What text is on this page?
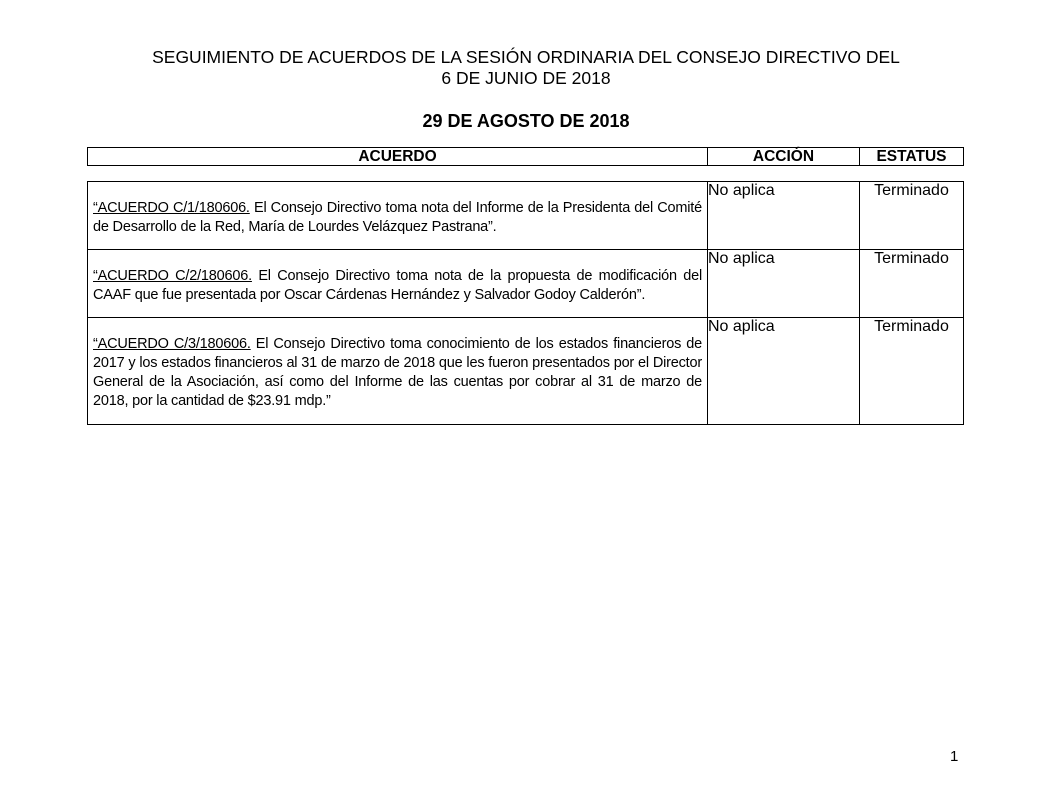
SEGUIMIENTO DE ACUERDOS DE LA SESIÓN ORDINARIA DEL CONSEJO DIRECTIVO DEL
6 DE JUNIO DE 2018
29 DE AGOSTO DE 2018
ACUERDO	ACCIÓN	ESTATUS
“ACUERDO C/1/180606. El Consejo Directivo toma nota del Informe de la Presidenta del Comité de Desarrollo de la Red, María de Lourdes Velázquez Pastrana”.	No aplica	Terminado

“ACUERDO C/2/180606. El Consejo Directivo toma nota de la propuesta de modificación del CAAF que fue presentada por Oscar Cárdenas Hernández y Salvador Godoy Calderón”.	No aplica	Terminado

“ACUERDO C/3/180606. El Consejo Directivo toma conocimiento de los estados financieros de 2017 y los estados financieros al 31 de marzo de 2018 que les fueron presentados por el Director General de la Asociación, así como del Informe de las cuentas por cobrar al 31 de marzo de 2018, por la cantidad de $23.91 mdp.”	No aplica	Terminado
1
